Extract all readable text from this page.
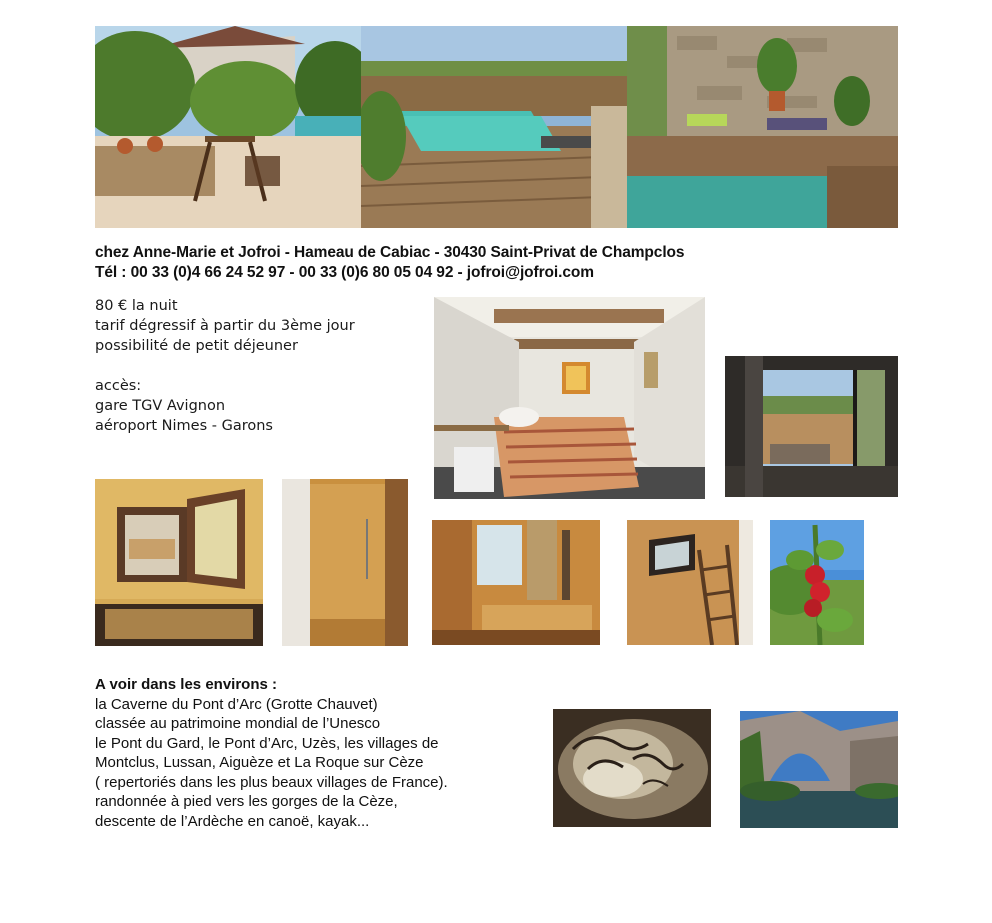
chez Anne-Marie et Jofroi - Hameau de Cabiac - 30430 Saint-Privat de Champclos
Tél : 00 33 (0)4 66 24 52 97 - 00 33 (0)6 80 05 04 92 - jofroi@jofroi.com
80 € la nuit
tarif dégressif à partir du 3ème jour
possibilité de petit déjeuner
accès:
gare TGV Avignon
aéroport Nimes - Garons
A voir dans les environs :
la Caverne du Pont d’Arc (Grotte Chauvet)
classée au patrimoine mondial de l’Unesco
le Pont du Gard, le Pont d’Arc, Uzès, les villages de
Montclus, Lussan, Aiguèze et La Roque sur Cèze
( repertoriés dans les plus beaux villages de France).
randonnée à pied vers les gorges de la Cèze,
descente de l’Ardèche en canoë, kayak...
